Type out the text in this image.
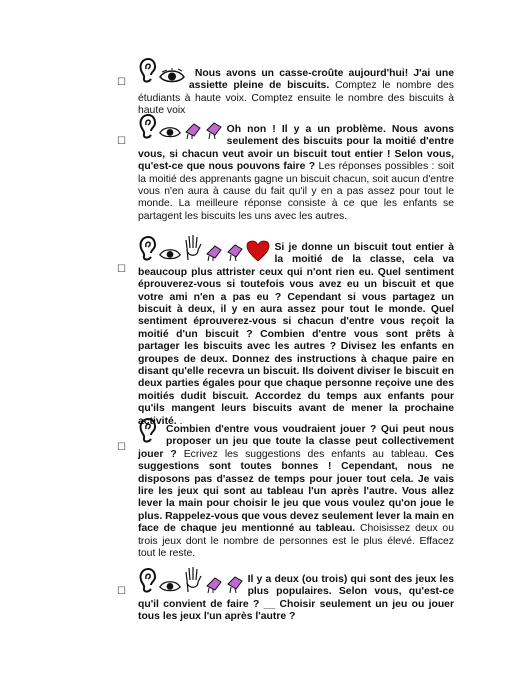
☐

Nous avons un casse-croûte aujourd'hui! J'ai une assiette pleine de biscuits. Comptez le nombre des étudiants à haute voix. Comptez ensuite le nombre des biscuits à haute voix
☐

Oh non ! Il y a un problème. Nous avons seulement des biscuits pour la moitié d'entre vous, si chacun veut avoir un biscuit tout entier ! Selon vous, qu'est-ce que nous pouvons faire ? Les réponses possibles : soit la moitié des apprenants gagne un biscuit chacun, soit aucun d'entre vous n'en aura à cause du fait qu'il y en a pas assez pour tout le monde. La meilleure réponse consiste à ce que les enfants se partagent les biscuits les uns avec les autres.
☐

Si je donne un biscuit tout entier à la moitié de la classe, cela va beaucoup plus attrister ceux qui n'ont rien eu. Quel sentiment éprouverez-vous si toutefois vous avez eu un biscuit et que votre ami n'en a pas eu ? Cependant si vous partagez un biscuit à deux, il y en aura assez pour tout le monde. Quel sentiment éprouverez-vous si chacun d'entre vous reçoit la moitié d'un biscuit ? Combien d'entre vous sont prêts à partager les biscuits avec les autres ? Divisez les enfants en groupes de deux. Donnez des instructions à chaque paire en disant qu'elle recevra un biscuit. Ils doivent diviser le biscuit en deux parties égales pour que chaque personne reçoive une des moitiés dudit biscuit. Accordez du temps aux enfants pour qu'ils mangent leurs biscuits avant de mener la prochaine activité. .
☐
Combien d'entre vous voudraient jouer ? Qui peut nous proposer un jeu que toute la classe peut collectivement jouer ? Ecrivez les suggestions des enfants au tableau. Ces suggestions sont toutes bonnes ! Cependant, nous ne disposons pas d'assez de temps pour jouer tout cela. Je vais lire les jeux qui sont au tableau l'un après l'autre. Vous allez lever la main pour choisir le jeu que vous voulez qu'on joue le plus. Rappelez-vous que vous devez seulement lever la main en face de chaque jeu mentionné au tableau. Choisissez deux ou trois jeux dont le nombre de personnes est le plus élevé. Effacez tout le reste.
☐

Il y a deux (ou trois) qui sont des jeux les plus populaires. Selon vous, qu'est-ce qu'il convient de faire ? __ Choisir seulement un jeu ou jouer tous les jeux l'un après l'autre ?
